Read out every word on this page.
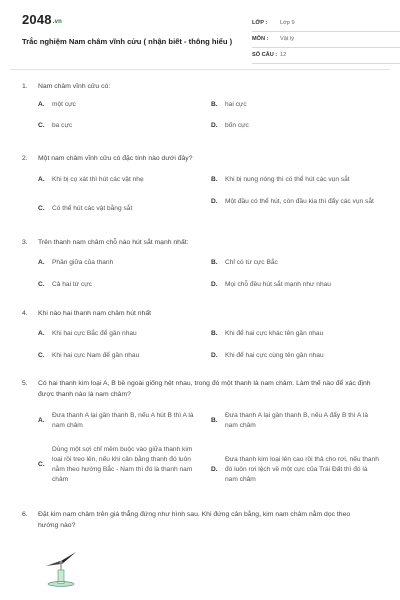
2048.vn
Trắc nghiệm Nam châm vĩnh cửu ( nhận biết - thông hiểu )
LỚP : Lớp 9
MÔN : Vật lý
SỐ CÂU : 12
1. Nam châm vĩnh cửu có:
A. một cực	B. hai cực
C. ba cực	D. bốn cực
2. Một nam châm vĩnh cửu có đặc tính nào dưới đây?
A. Khi bị cọ xát thì hút các vật nhẹ	B. Khi bị nung nóng thì có thể hút các vụn sắt
C. Có thể hút các vật bằng sắt
D. Một đầu có thể hút, còn đầu kia thì đẩy các vụn sắt
3. Trên thanh nam châm chỗ nào hút sắt mạnh nhất:
A. Phần giữa của thanh	B. Chỉ có từ cực Bắc
C. Cả hai từ cực	D. Mọi chỗ đều hút sắt mạnh như nhau
4. Khi nào hai thanh nam châm hút nhất
A. Khi hai cực Bắc để gần nhau	B. Khi để hai cực khác tên gần nhau
C. Khi hai cực Nam để gần nhau	D. Khi để hai cực cùng tên gần nhau
5. Có hai thanh kim loại A, B bề ngoài giống hệt nhau, trong đó một thanh là nam châm. Làm thế nào để xác định được thanh nào là nam châm?
A.
Đưa thanh A lại gần thanh B, nếu A hút B thì A là nam châm
B.
Đưa thanh A lại gần thanh B, nếu A đẩy B thì A là nam châm
C.
Dùng một sợi chỉ mềm buộc vào giữa thanh kim loại rồi treo lên, nếu khi cân bằng thanh đó luôn nằm theo hướng Bắc - Nam thì đó là thanh nam châm
D.
Đưa thanh kim loại lên cao rồi thả cho rơi, nếu thanh đó luôn rơi lệch về một cực của Trái Đất thì đó là nam châm
6. Đặt kim nam châm trên giá thẳng đứng như hình sau. Khi đứng cân bằng, kim nam châm nằm dọc theo hướng nào?
